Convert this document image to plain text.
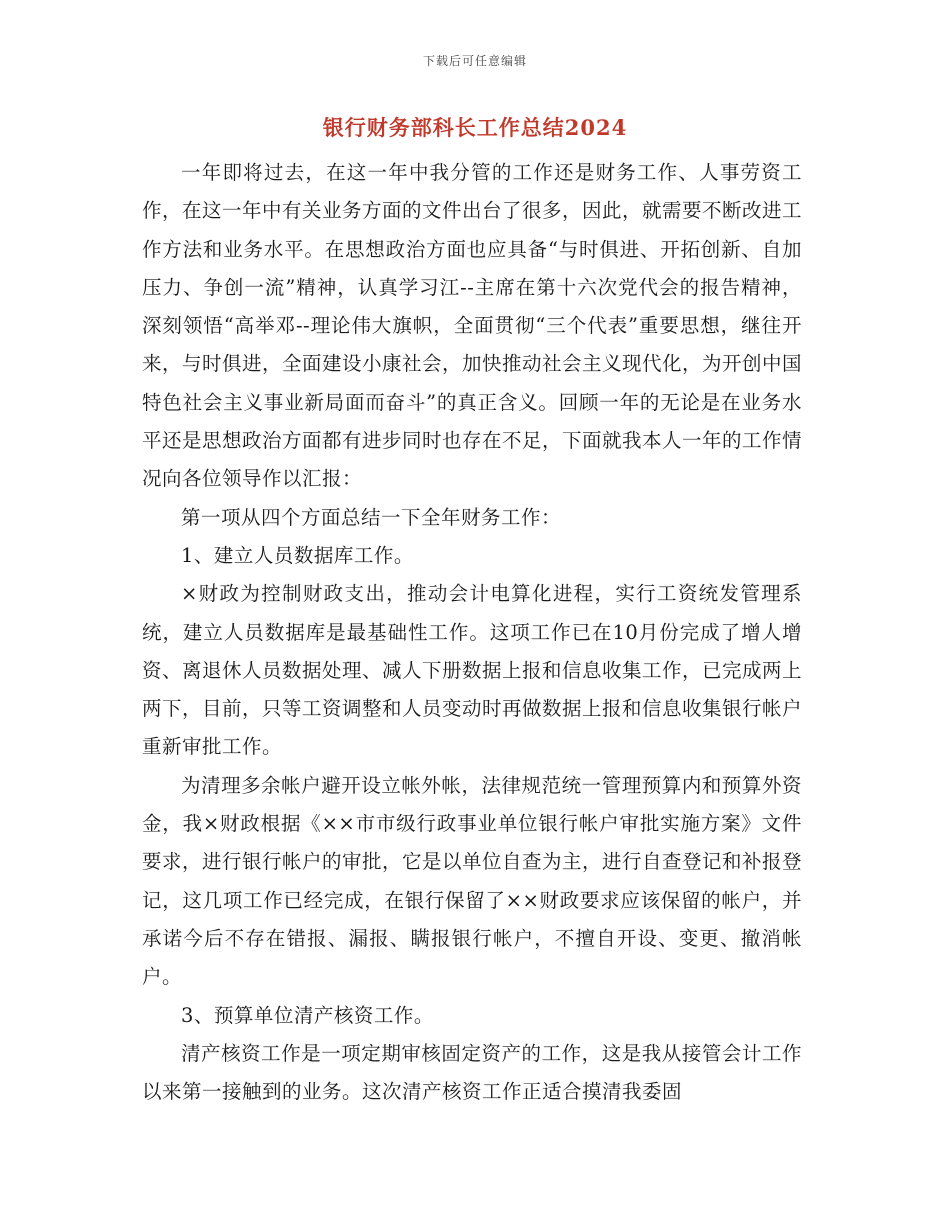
下载后可任意编辑
银行财务部科长工作总结2024

一年即将过去，在这一年中我分管的工作还是财务工作、人事劳资工作，在这一年中有关业务方面的文件出台了很多，因此，就需要不断改进工作方法和业务水平。在思想政治方面也应具备“与时俱进、开拓创新、自加压力、争创一流”精神，认真学习江--主席在第十六次党代会的报告精神，深刻领悟“高举邓--理论伟大旗帜，全面贯彻“三个代表”重要思想，继往开来，与时俱进，全面建设小康社会，加快推动社会主义现代化，为开创中国特色社会主义事业新局面而奋斗”的真正含义。回顾一年的无论是在业务水平还是思想政治方面都有进步同时也存在不足，下面就我本人一年的工作情况向各位领导作以汇报：

第一项从四个方面总结一下全年财务工作：

1、建立人员数据库工作。

×财政为控制财政支出，推动会计电算化进程，实行工资统发管理系统，建立人员数据库是最基础性工作。这项工作已在10月份完成了增人增资、离退休人员数据处理、减人下册数据上报和信息收集工作，已完成两上两下，目前，只等工资调整和人员变动时再做数据上报和信息收集银行帐户重新审批工作。

为清理多余帐户避开设立帐外帐，法律规范统一管理预算内和预算外资金，我×财政根据《××市市级行政事业单位银行帐户审批实施方案》文件要求，进行银行帐户的审批，它是以单位自查为主，进行自查登记和补报登记，这几项工作已经完成，在银行保留了××财政要求应该保留的帐户，并承诺今后不存在错报、漏报、瞒报银行帐户，不擅自开设、变更、撤消帐户。

3、预算单位清产核资工作。

清产核资工作是一项定期审核固定资产的工作，这是我从接管会计工作以来第一接触到的业务。这次清产核资工作正适合摸清我委固
